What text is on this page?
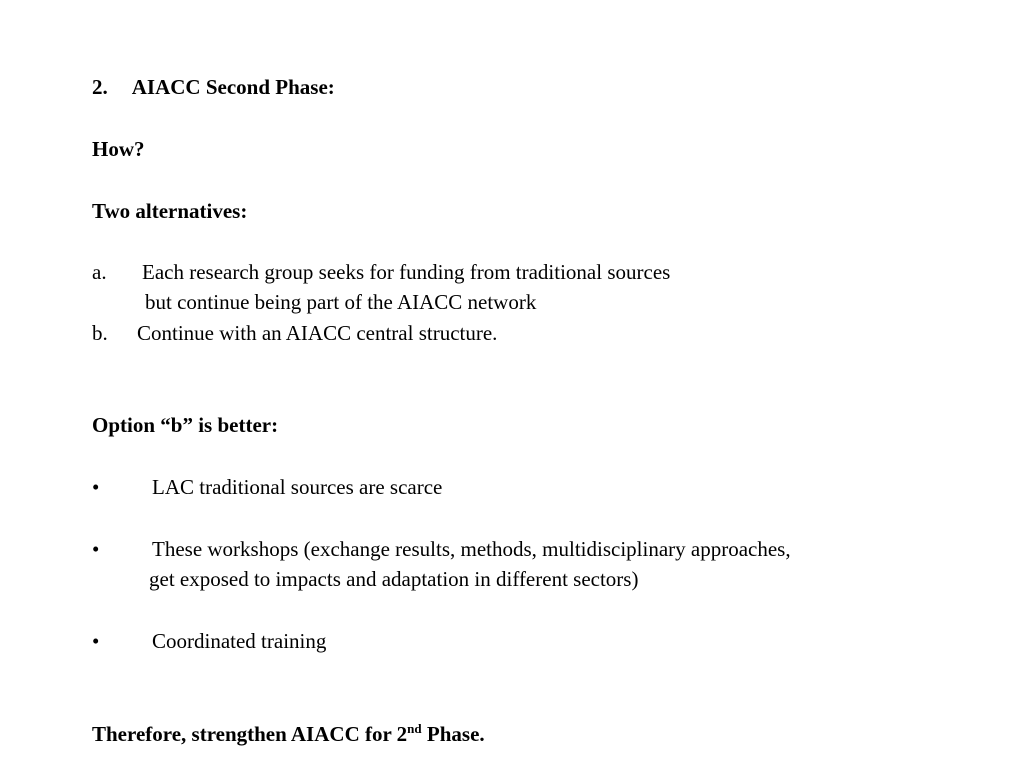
2. AIACC Second Phase:
How?
Two alternatives:
a. Each research group seeks for funding from traditional sources
but continue being part of the AIACC network
b. Continue with an AIACC central structure.
Option “b” is better:
•	LAC traditional sources are scarce
•	These workshops (exchange results, methods, multidisciplinary approaches,
get exposed to impacts and adaptation in different sectors)
•	Coordinated training
Therefore, strengthen AIACC for 2nd Phase.
